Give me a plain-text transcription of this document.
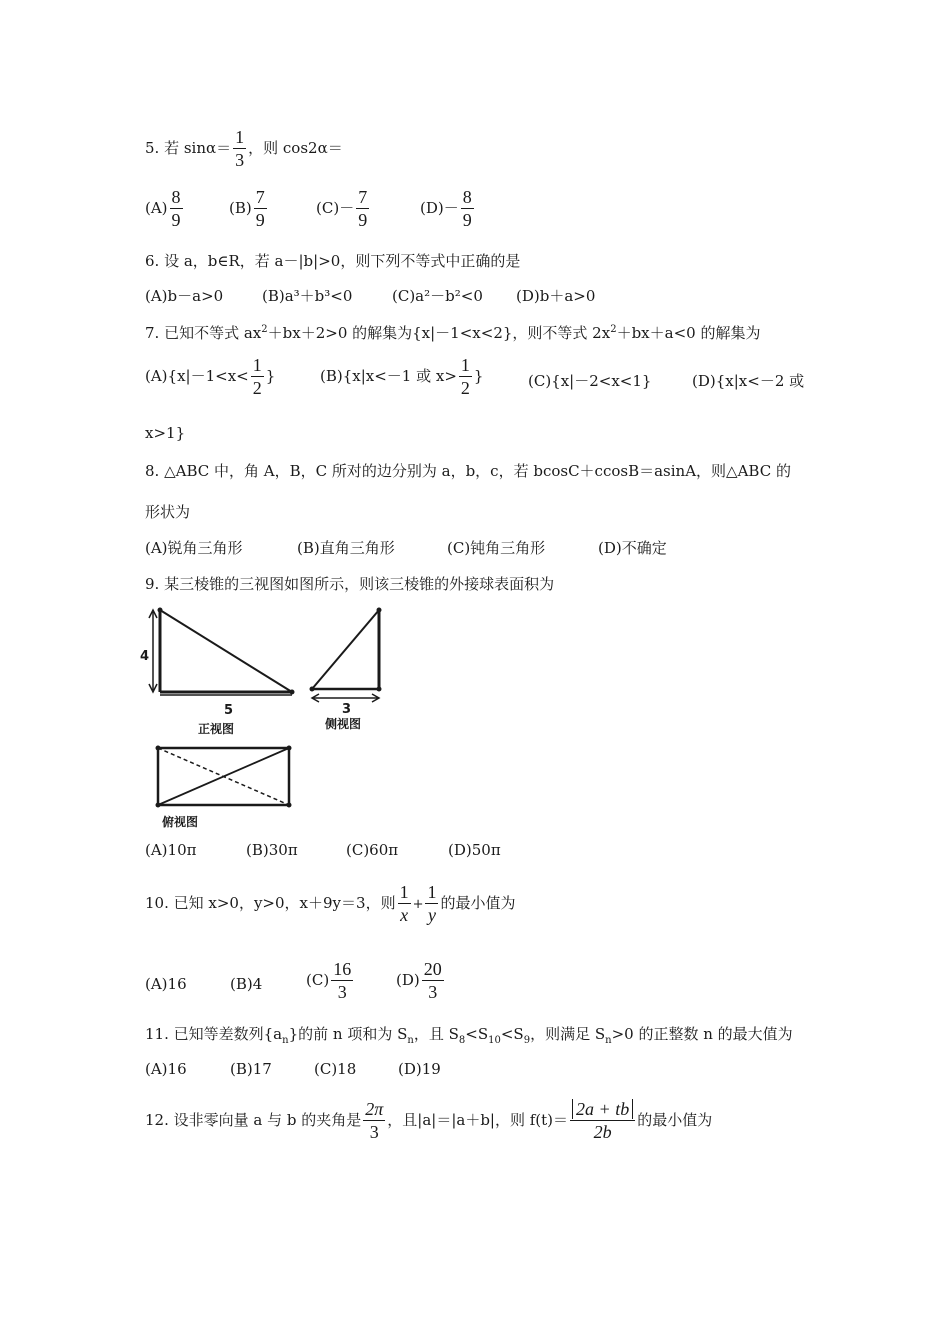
5. 若 $\sin\alpha= \frac{1}{3}$ ，则 cos2α＝
$(A) \frac{8}{9}$	$(B) \frac{7}{9}$	$(C)- \frac{7}{9}$	$(D)- \frac{8}{9}$
6. 设 a，b∈R，若 a－|b|>0，则下列不等式中正确的是
(A)b－a>0	(B)a³＋b³<0	(C)a²－b²<0 (D)b＋a>0
7. 已知不等式 $ax^2+bx+2>0$ 的解集为{x|－1<x<2}，则不等式 $2x^2+bx+a<0$ 的解集为
$(A)\{x|-1<x< \frac{1}{2}$ }	(B){x|x<－1 或 $x> \frac{1}{2}$ }	(C){x|－2<x<1}	(D){x|x<－2 或
x>1}
8. △ABC 中，角 A，B，C 所对的边分别为 a，b，c，若 bcosC＋ccosB＝asinA，则△ABC 的
形状为
(A)锐角三角形	(B)直角三角形	(C)钝角三角形	(D)不确定
9. 某三棱锥的三视图如图所示，则该三棱锥的外接球表面积为
4
5
正视图
3
侧视图
俯视图
(A)10π	(B)30π	(C)60π	(D)50π
10. 已知 x>0，y>0，x＋9y＝3，则 $\frac{1}{x} + \frac{1}{y}$ 的最小值为
(A)16	(B)4	$(C) \frac{16}{3}$	$(D) \frac{20}{3}$
11. 已知等差数列$\{a_n\}$的前 n 项和为 $S_n$，且 $S_8<S_{10}<S_9$，则满足 $S_n>0$ 的正整数 n 的最大值为
(A)16	(B)17	(C)18	(D)19
12. 设非零向量 a 与 b 的夹角是 $\frac{2\pi}{3}$ ，且|a|＝|a＋b|，则 $f(t)= \frac{2a + tb}{2b}$ 的最小值为
